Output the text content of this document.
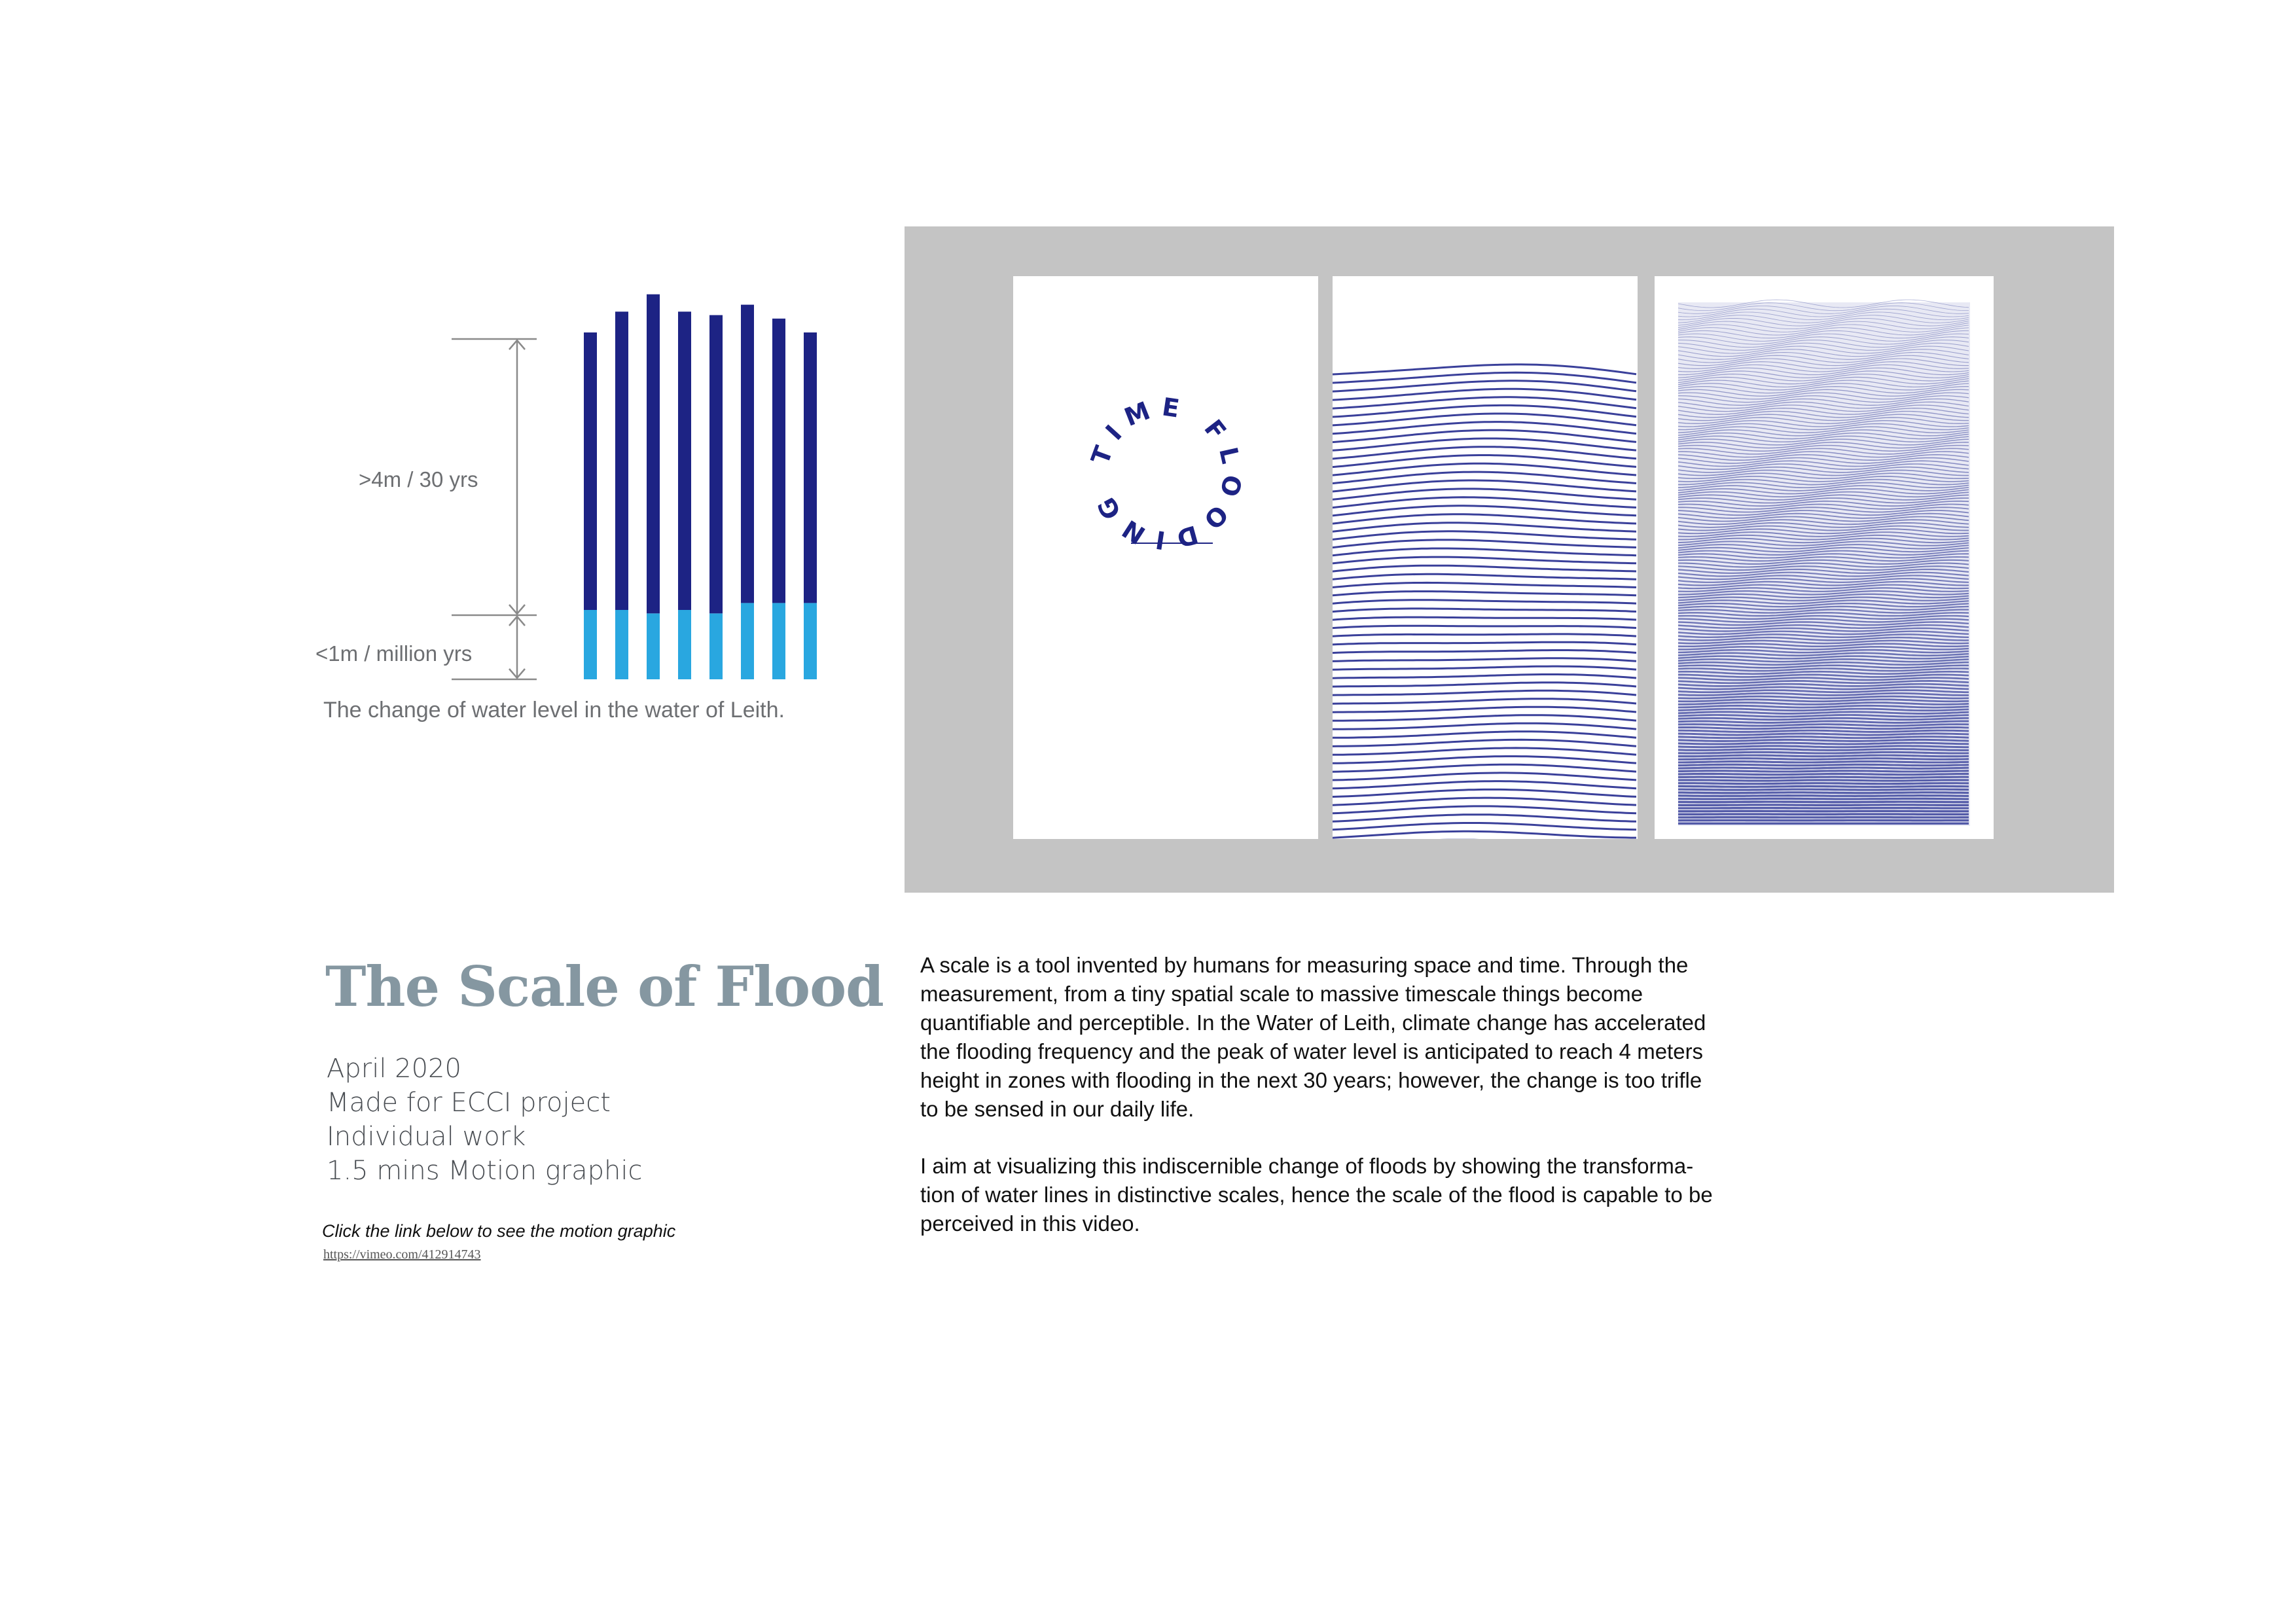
>4m / 30 yrs
<1m / million yrs
The change of water level in the water of Leith.
TIME FLOODING
The Scale of Flood
April 2020
Made for ECCI project
Individual work
1.5 mins Motion graphic
Click the link below to see the motion graphic
https://vimeo.com/412914743
A scale is a tool invented by humans for measuring space and time. Through the
measurement, from a tiny spatial scale to massive timescale things become
quantifiable and perceptible. In the Water of Leith, climate change has accelerated
the flooding frequency and the peak of water level is anticipated to reach 4 meters
height in zones with flooding in the next 30 years; however, the change is too trifle
to be sensed in our daily life.
I aim at visualizing this indiscernible change of floods by showing the transforma-
tion of water lines in distinctive scales, hence the scale of the flood is capable to be
perceived in this video.
